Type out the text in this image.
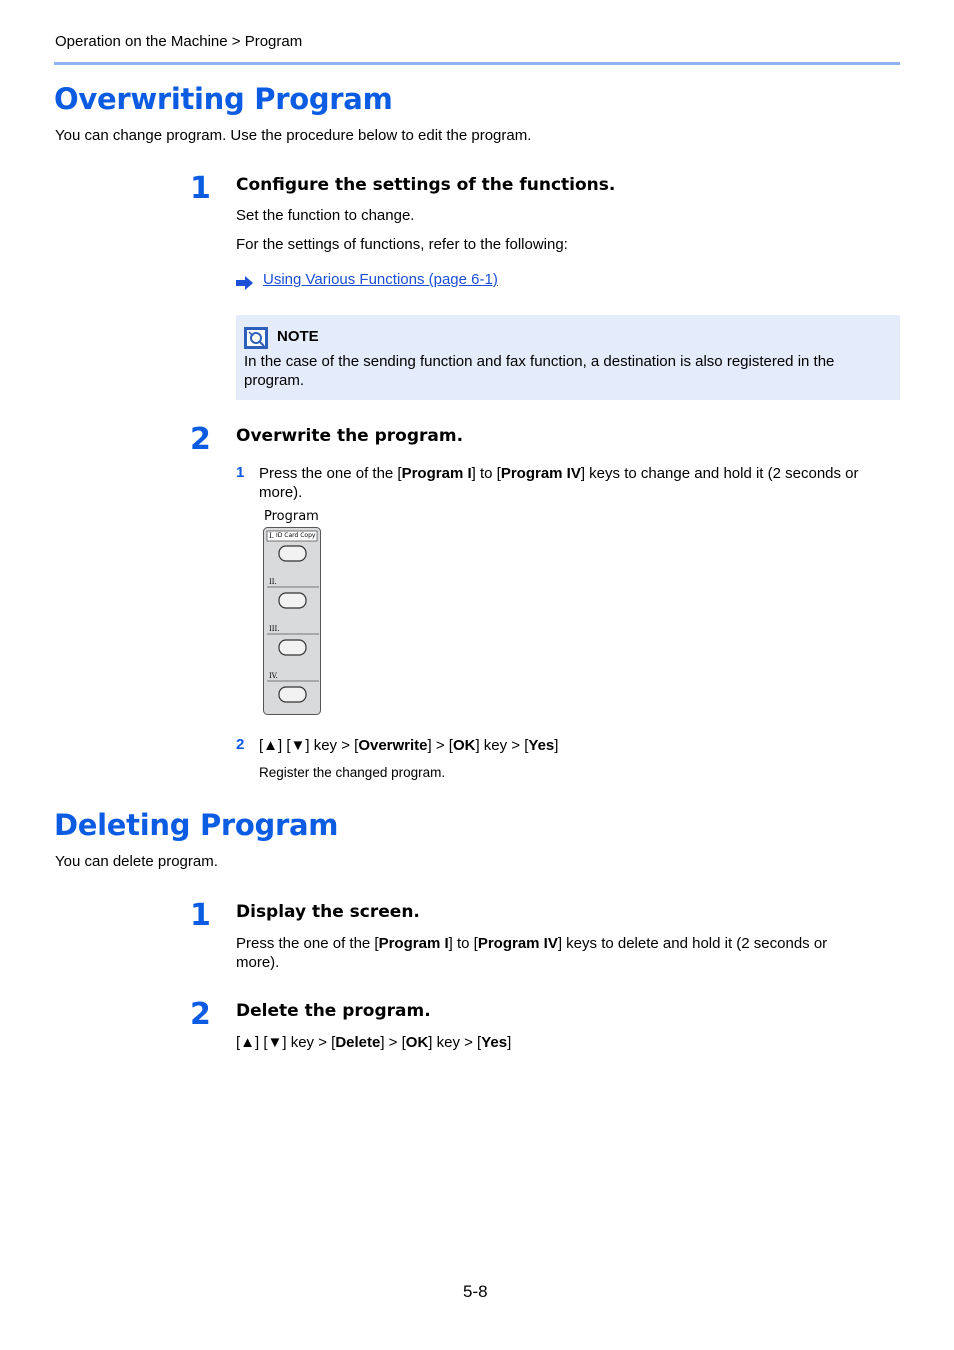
Operation on the Machine > Program
Overwriting Program
You can change program. Use the procedure below to edit the program.
1 Configure the settings of the functions.
Set the function to change.
For the settings of functions, refer to the following:
Using Various Functions (page 6-1)
NOTE
In the case of the sending function and fax function, a destination is also registered in the
program.
2 Overwrite the program.
1 Press the one of the [Program I] to [Program IV] keys to change and hold it (2 seconds or
more).
Program
I. ID Card Copy
II.
III.
IV.
2 [▲] [▼] key > [Overwrite] > [OK] key > [Yes]
Register the changed program.
Deleting Program
You can delete program.
1 Display the screen.
Press the one of the [Program I] to [Program IV] keys to delete and hold it (2 seconds or
more).
2 Delete the program.
[▲] [▼] key > [Delete] > [OK] key > [Yes]
5-8
